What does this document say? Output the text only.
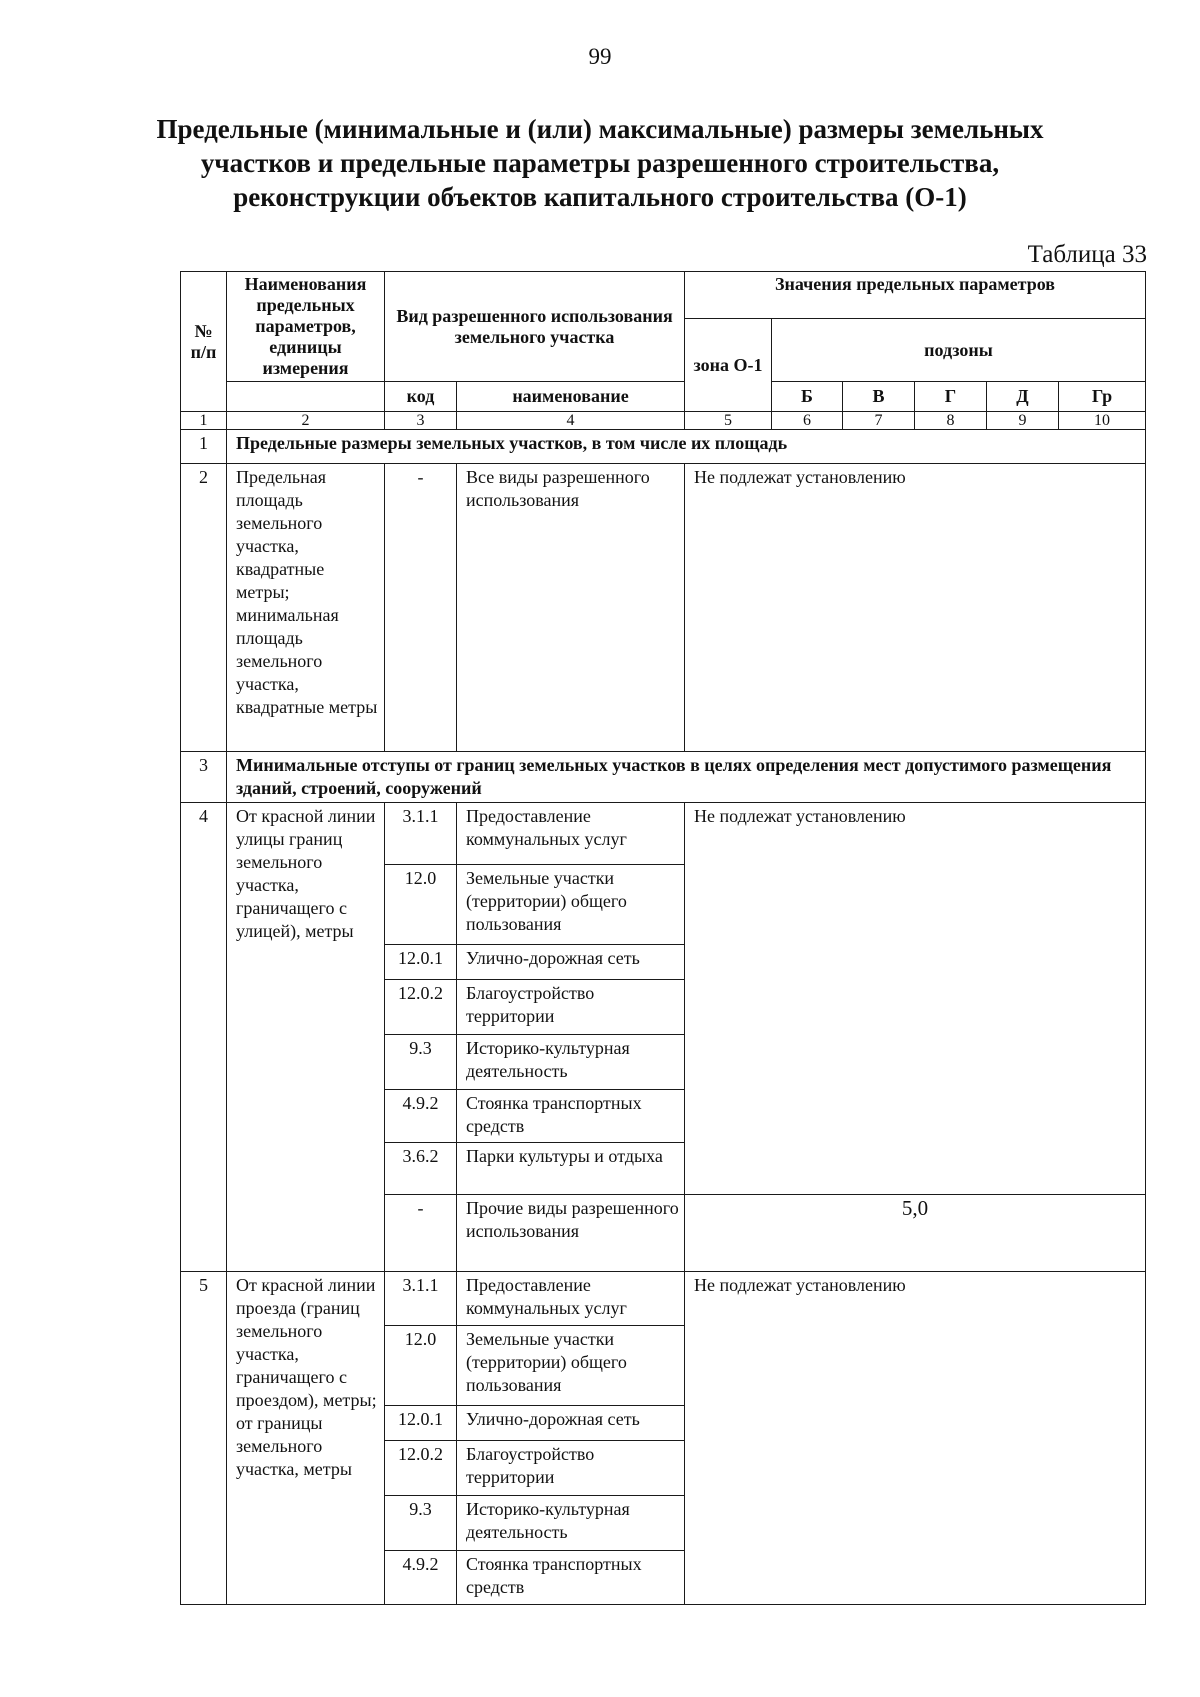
99
Предельные (минимальные и (или) максимальные) размеры земельных
участков и предельные параметры разрешенного строительства,
реконструкции объектов капитального строительства (О-1)
Таблица 33
№ п/п	Наименования предельных параметров, единицы измерения	Вид разрешенного использования земельного участка		Значения предельных параметров					
				зона О-1	подзоны				
		код	наименование		Б	В	Г	Д	Гр
1	2	3	4	5	6	7	8	9	10
1	Предельные размеры земельных участков, в том числе их площадь								
2	Предельная площадь земельного участка, квадратные метры; минимальная площадь земельного участка, квадратные метры	-	Все виды разрешенного использования	Не подлежат установлению					
3	Минимальные отступы от границ земельных участков в целях определения мест допустимого размещения зданий, строений, сооружений								
4	От красной линии улицы границ земельного участка, граничащего с улицей), метры	3.1.1	Предоставление коммунальных услуг	Не подлежат установлению					
		12.0	Земельные участки (территории) общего пользования						
		12.0.1	Улично-дорожная сеть						
		12.0.2	Благоустройство территории						
		9.3	Историко-культурная деятельность						
		4.9.2	Стоянка транспортных средств						
		3.6.2	Парки культуры и отдыха						
		-	Прочие виды разрешенного использования	5,0					
5	От красной линии проезда (границ земельного участка, граничащего с проездом), метры; от границы земельного участка, метры	3.1.1	Предоставление коммунальных услуг	Не подлежат установлению					
		12.0	Земельные участки (территории) общего пользования						
		12.0.1	Улично-дорожная сеть						
		12.0.2	Благоустройство территории						
		9.3	Историко-культурная деятельность						
		4.9.2	Стоянка транспортных средств						
